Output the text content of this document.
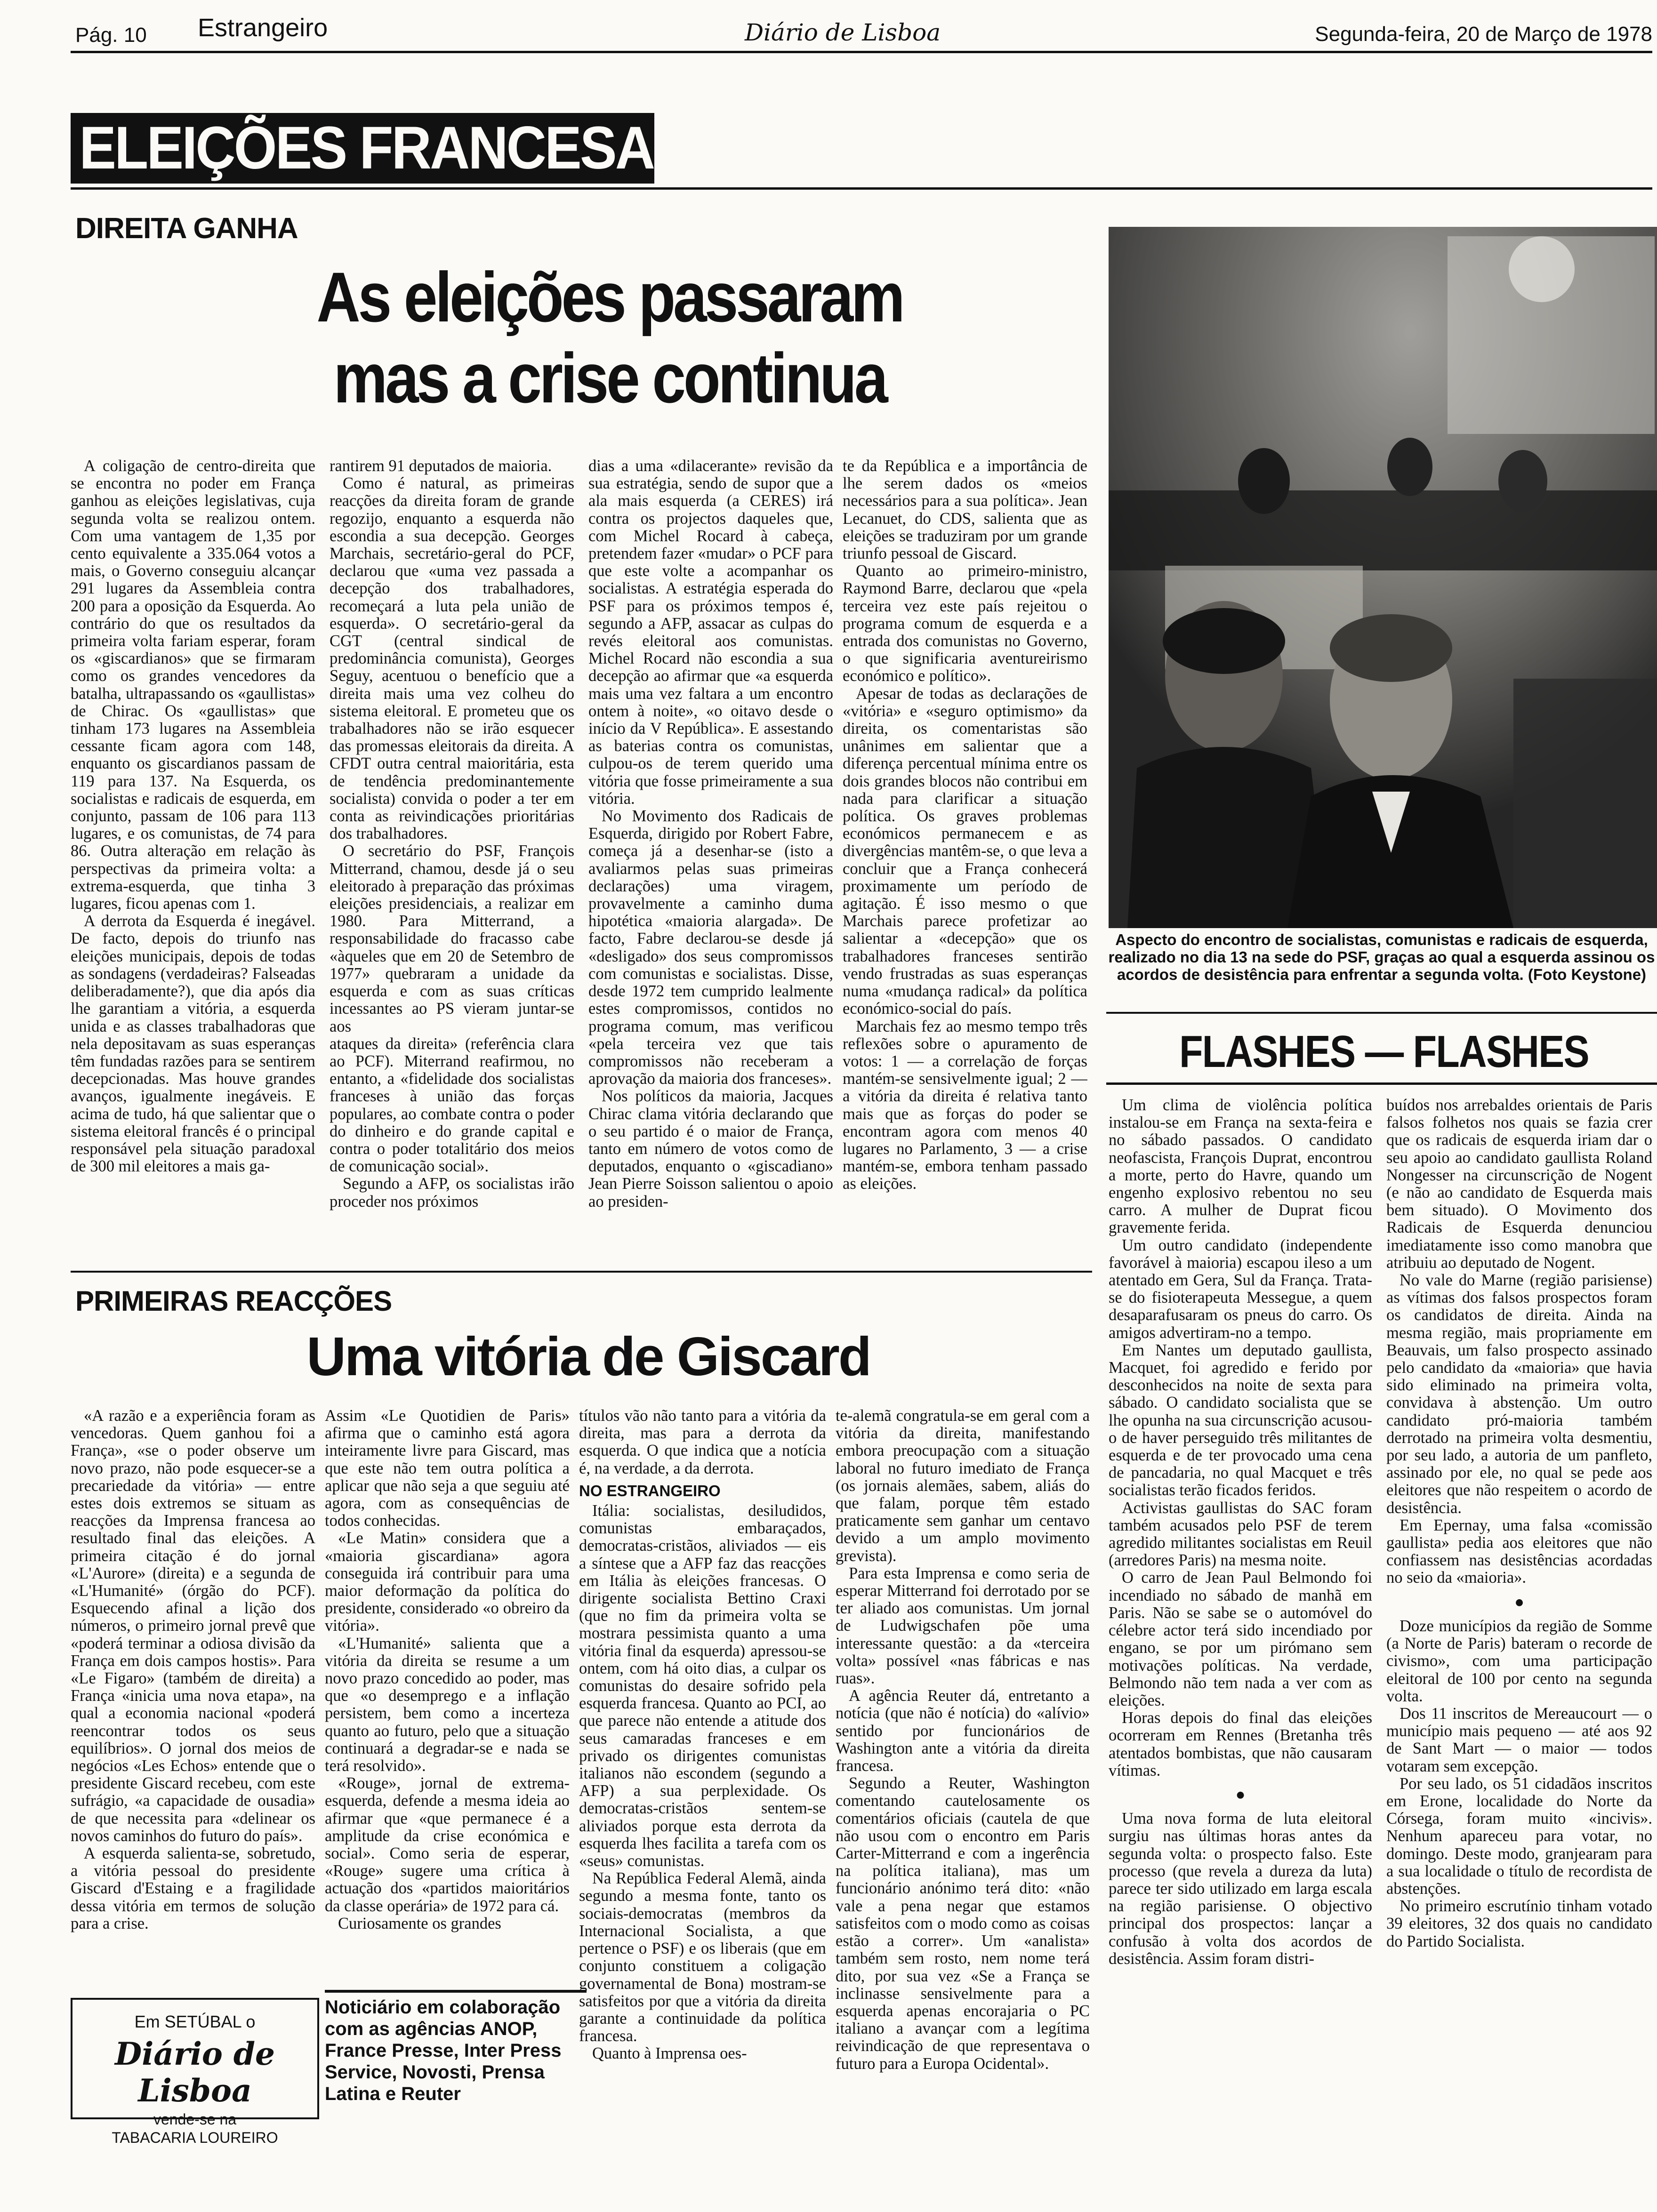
Pág. 10 Estrangeiro	Diário de Lisboa	Segunda-feira, 20 de Março de 1978
ELEIÇÕES FRANCESAS
DIREITA GANHA
As eleições passaram
mas a crise continua

A coligação de centro-direita que se encontra no poder em França ganhou as eleições legislativas, cuja segunda volta se realizou ontem. Com uma vantagem de 1,35 por cento equivalente a 335.064 votos a mais, o Governo conseguiu alcançar 291 lugares da Assembleia contra 200 para a oposição da Esquerda. Ao contrário do que os resultados da primeira volta fariam esperar, foram os «giscardianos» que se firmaram como os grandes vencedores da batalha, ultrapassando os «gaullistas» de Chirac. Os «gaullistas» que tinham 173 lugares na Assembleia cessante ficam agora com 148, enquanto os giscardianos passam de 119 para 137. Na Esquerda, os socialistas e radicais de esquerda, em conjunto, passam de 106 para 113 lugares, e os comunistas, de 74 para 86. Outra alteração em relação às perspectivas da primeira volta: a extrema-esquerda, que tinha 3 lugares, ficou apenas com 1.

A derrota da Esquerda é inegável. De facto, depois do triunfo nas eleições municipais, depois de todas as sondagens (verdadeiras? Falseadas deliberadamente?), que dia após dia lhe garantiam a vitória, a esquerda unida e as classes trabalhadoras que nela depositavam as suas esperanças têm fundadas razões para se sentirem decepcionadas. Mas houve grandes avanços, igualmente inegáveis. E acima de tudo, há que salientar que o sistema eleitoral francês é o principal responsável pela situação paradoxal de 300 mil eleitores a mais ga-

rantirem 91 deputados de maioria.

Como é natural, as primeiras reacções da direita foram de grande regozijo, enquanto a esquerda não escondia a sua decepção. Georges Marchais, secretário-geral do PCF, declarou que «uma vez passada a decepção dos trabalhadores, recomeçará a luta pela união de esquerda». O secretário-geral da CGT (central sindical de predominância comunista), Georges Seguy, acentuou o benefício que a direita mais uma vez colheu do sistema eleitoral. E prometeu que os trabalhadores não se irão esquecer das promessas eleitorais da direita. A CFDT outra central maioritária, esta de tendência predominantemente socialista) convida o poder a ter em conta as reivindicações prioritárias dos trabalhadores.

O secretário do PSF, François Mitterrand, chamou, desde já o seu eleitorado à preparação das próximas eleições presidenciais, a realizar em 1980. Para Mitterrand, a responsabilidade do fracasso cabe «àqueles que em 20 de Setembro de 1977» quebraram a unidade da esquerda e com as suas críticas incessantes ao PS vieram juntar-se aos

ataques da direita» (referência clara ao PCF). Miterrand reafirmou, no entanto, a «fidelidade dos socialistas franceses à união das forças populares, ao combate contra o poder do dinheiro e do grande capital e contra o poder totalitário dos meios de comunicação social».

Segundo a AFP, os socialistas irão proceder nos próximos

dias a uma «dilacerante» revisão da sua estratégia, sendo de supor que a ala mais esquerda (a CERES) irá contra os projectos daqueles que, com Michel Rocard à cabeça, pretendem fazer «mudar» o PCF para que este volte a acompanhar os socialistas. A estratégia esperada do PSF para os próximos tempos é, segundo a AFP, assacar as culpas do revés eleitoral aos comunistas. Michel Rocard não escondia a sua decepção ao afirmar que «a esquerda mais uma vez faltara a um encontro ontem à noite», «o oitavo desde o início da V República». E assestando as baterias contra os comunistas, culpou-os de terem querido uma vitória que fosse primeiramente a sua vitória.

No Movimento dos Radicais de Esquerda, dirigido por Robert Fabre, começa já a desenhar-se (isto a avaliarmos pelas suas primeiras declarações) uma viragem, provavelmente a caminho duma hipotética «maioria alargada». De facto, Fabre declarou-se desde já «desligado» dos seus compromissos com comunistas e socialistas. Disse, desde 1972 tem cumprido lealmente estes compromissos, contidos no programa comum, mas verificou «pela terceira vez que tais compromissos não receberam a aprovação da maioria dos franceses».

Nos políticos da maioria, Jacques Chirac clama vitória declarando que o seu partido é o maior de França, tanto em número de votos como de deputados, enquanto o «giscadiano» Jean Pierre Soisson salientou o apoio ao presiden-

te da República e a importância de lhe serem dados os «meios necessários para a sua política». Jean Lecanuet, do CDS, salienta que as eleições se traduziram por um grande triunfo pessoal de Giscard.

Quanto ao primeiro-ministro, Raymond Barre, declarou que «pela terceira vez este país rejeitou o programa comum de esquerda e a entrada dos comunistas no Governo, o que significaria aventureirismo económico e político».

Apesar de todas as declarações de «vitória» e «seguro optimismo» da direita, os comentaristas são unânimes em salientar que a diferença percentual mínima entre os dois grandes blocos não contribui em nada para clarificar a situação política. Os graves problemas económicos permanecem e as divergências mantêm-se, o que leva a concluir que a França conhecerá proximamente um período de agitação. É isso mesmo o que Marchais parece profetizar ao salientar a «decepção» que os trabalhadores franceses sentirão vendo frustradas as suas esperanças numa «mudança radical» da política económico-social do país.

Marchais fez ao mesmo tempo três reflexões sobre o apuramento de votos: 1 — a correlação de forças mantém-se sensivelmente igual; 2 — a vitória da direita é relativa tanto mais que as forças do poder se encontram agora com menos 40 lugares no Parlamento, 3 — a crise mantém-se, embora tenham passado as eleições.

Aspecto do encontro de socialistas, comunistas e radicais de esquerda, realizado no dia 13 na sede do PSF, graças ao qual a esquerda assinou os acordos de desistência para enfrentar a segunda volta. (Foto Keystone)
FLASHES — FLASHES

Um clima de violência política instalou-se em França na sexta-feira e no sábado passados. O candidato neofascista, François Duprat, encontrou a morte, perto do Havre, quando um engenho explosivo rebentou no seu carro. A mulher de Duprat ficou gravemente ferida.

Um outro candidato (independente favorável à maioria) escapou ileso a um atentado em Gera, Sul da França. Trata-se do fisioterapeuta Messegue, a quem desaparafusaram os pneus do carro. Os amigos advertiram-no a tempo.

Em Nantes um deputado gaullista, Macquet, foi agredido e ferido por desconhecidos na noite de sexta para sábado. O candidato socialista que se lhe opunha na sua circunscrição acusou-o de haver perseguido três militantes de esquerda e de ter provocado uma cena de pancadaria, no qual Macquet e três socialistas terão ficados feridos.

Activistas gaullistas do SAC foram também acusados pelo PSF de terem agredido militantes socialistas em Reuil (arredores Paris) na mesma noite.

O carro de Jean Paul Belmondo foi incendiado no sábado de manhã em Paris. Não se sabe se o automóvel do célebre actor terá sido incendiado por engano, se por um pirómano sem motivações políticas. Na verdade, Belmondo não tem nada a ver com as eleições.

Horas depois do final das eleições ocorreram em Rennes (Bretanha três atentados bombistas, que não causaram vítimas.

●

Uma nova forma de luta eleitoral surgiu nas últimas horas antes da segunda volta: o prospecto falso. Este processo (que revela a dureza da luta) parece ter sido utilizado em larga escala na região parisiense. O objectivo principal dos prospectos: lançar a confusão à volta dos acordos de desistência. Assim foram distri-

buídos nos arrebaldes orientais de Paris falsos folhetos nos quais se fazia crer que os radicais de esquerda iriam dar o seu apoio ao candidato gaullista Roland Nongesser na circunscrição de Nogent (e não ao candidato de Esquerda mais bem situado). O Movimento dos Radicais de Esquerda denunciou imediatamente isso como manobra que atribuiu ao deputado de Nogent.

No vale do Marne (região parisiense) as vítimas dos falsos prospectos foram os candidatos de direita. Ainda na mesma região, mais propriamente em Beauvais, um falso prospecto assinado pelo candidato da «maioria» que havia sido eliminado na primeira volta, convidava à abstenção. Um outro candidato pró-maioria também derrotado na primeira volta desmentiu, por seu lado, a autoria de um panfleto, assinado por ele, no qual se pede aos eleitores que não respeitem o acordo de desistência.

Em Epernay, uma falsa «comissão gaullista» pedia aos eleitores que não confiassem nas desistências acordadas no seio da «maioria».

●

Doze municípios da região de Somme (a Norte de Paris) bateram o recorde de civismo», com uma participação eleitoral de 100 por cento na segunda volta.

Dos 11 inscritos de Mereaucourt — o município mais pequeno — até aos 92 de Sant Mart — o maior — todos votaram sem excepção.

Por seu lado, os 51 cidadãos inscritos em Erone, localidade do Norte da Córsega, foram muito «incivis». Nenhum apareceu para votar, no domingo. Deste modo, granjearam para a sua localidade o título de recordista de abstenções.

No primeiro escrutínio tinham votado 39 eleitores, 32 dos quais no candidato do Partido Socialista.

PRIMEIRAS REACÇÕES
Uma vitória de Giscard

«A razão e a experiência foram as vencedoras. Quem ganhou foi a França», «se o poder observe um novo prazo, não pode esquecer-se a precariedade da vitória» — entre estes dois extremos se situam as reacções da Imprensa francesa ao resultado final das eleições. A primeira citação é do jornal «L'Aurore» (direita) e a segunda de «L'Humanité» (órgão do PCF). Esquecendo afinal a lição dos números, o primeiro jornal prevê que «poderá terminar a odiosa divisão da França em dois campos hostis». Para «Le Figaro» (também de direita) a França «inicia uma nova etapa», na qual a economia nacional «poderá reencontrar todos os seus equilíbrios». O jornal dos meios de negócios «Les Echos» entende que o presidente Giscard recebeu, com este sufrágio, «a capacidade de ousadia» de que necessita para «delinear os novos caminhos do futuro do país».

A esquerda salienta-se, sobretudo, a vitória pessoal do presidente Giscard d'Estaing e a fragilidade dessa vitória em termos de solução para a crise.

Assim «Le Quotidien de Paris» afirma que o caminho está agora inteiramente livre para Giscard, mas que este não tem outra política a aplicar que não seja a que seguiu até agora, com as consequências de todos conhecidas.

«Le Matin» considera que a «maioria giscardiana» agora conseguida irá contribuir para uma maior deformação da política do presidente, considerado «o obreiro da vitória».

«L'Humanité» salienta que a vitória da direita se resume a um novo prazo concedido ao poder, mas que «o desemprego e a inflação persistem, bem como a incerteza quanto ao futuro, pelo que a situação continuará a degradar-se e nada se terá resolvido».

«Rouge», jornal de extrema-esquerda, defende a mesma ideia ao afirmar que «que permanece é a amplitude da crise económica e social». Como seria de esperar, «Rouge» sugere uma crítica à actuação dos «partidos maioritários da classe operária» de 1972 para cá.

Curiosamente os grandes

títulos vão não tanto para a vitória da direita, mas para a derrota da esquerda. O que indica que a notícia é, na verdade, a da derrota.

NO ESTRANGEIRO

Itália: socialistas, desiludidos, comunistas embaraçados, democratas-cristãos, aliviados — eis a síntese que a AFP faz das reacções em Itália às eleições francesas. O dirigente socialista Bettino Craxi (que no fim da primeira volta se mostrara pessimista quanto a uma vitória final da esquerda) apressou-se ontem, com há oito dias, a culpar os comunistas do desaire sofrido pela esquerda francesa. Quanto ao PCI, ao que parece não entende a atitude dos seus camaradas franceses e em privado os dirigentes comunistas italianos não escondem (segundo a AFP) a sua perplexidade. Os democratas-cristãos sentem-se aliviados porque esta derrota da esquerda lhes facilita a tarefa com os «seus» comunistas.

Na República Federal Alemã, ainda segundo a mesma fonte, tanto os sociais-democratas (membros da Internacional Socialista, a que pertence o PSF) e os liberais (que em conjunto constituem a coligação governamental de Bona) mostram-se satisfeitos por que a vitória da direita garante a continuidade da política francesa.

Quanto à Imprensa oes-

te-alemã congratula-se em geral com a vitória da direita, manifestando embora preocupação com a situação laboral no futuro imediato de França (os jornais alemães, sabem, aliás do que falam, porque têm estado praticamente sem ganhar um centavo devido a um amplo movimento grevista).

Para esta Imprensa e como seria de esperar Mitterrand foi derrotado por se ter aliado aos comunistas. Um jornal de Ludwigschafen põe uma interessante questão: a da «terceira volta» possível «nas fábricas e nas ruas».

A agência Reuter dá, entretanto a notícia (que não é notícia) do «alívio» sentido por funcionários de Washington ante a vitória da direita francesa.

Segundo a Reuter, Washington comentando cautelosamente os comentários oficiais (cautela de que não usou com o encontro em Paris Carter-Mitterrand e com a ingerência na política italiana), mas um funcionário anónimo terá dito: «não vale a pena negar que estamos satisfeitos com o modo como as coisas estão a correr». Um «analista» também sem rosto, nem nome terá dito, por sua vez «Se a França se inclinasse sensivelmente para a esquerda apenas encorajaria o PC italiano a avançar com a legítima reivindicação de que representava o futuro para a Europa Ocidental».

Em SETÚBAL o
Diário de Lisboa
vende-se na
TABACARIA LOUREIRO
Noticiário em colaboração com as agências ANOP, France Presse, Inter Press Service, Novosti, Prensa Latina e Reuter
